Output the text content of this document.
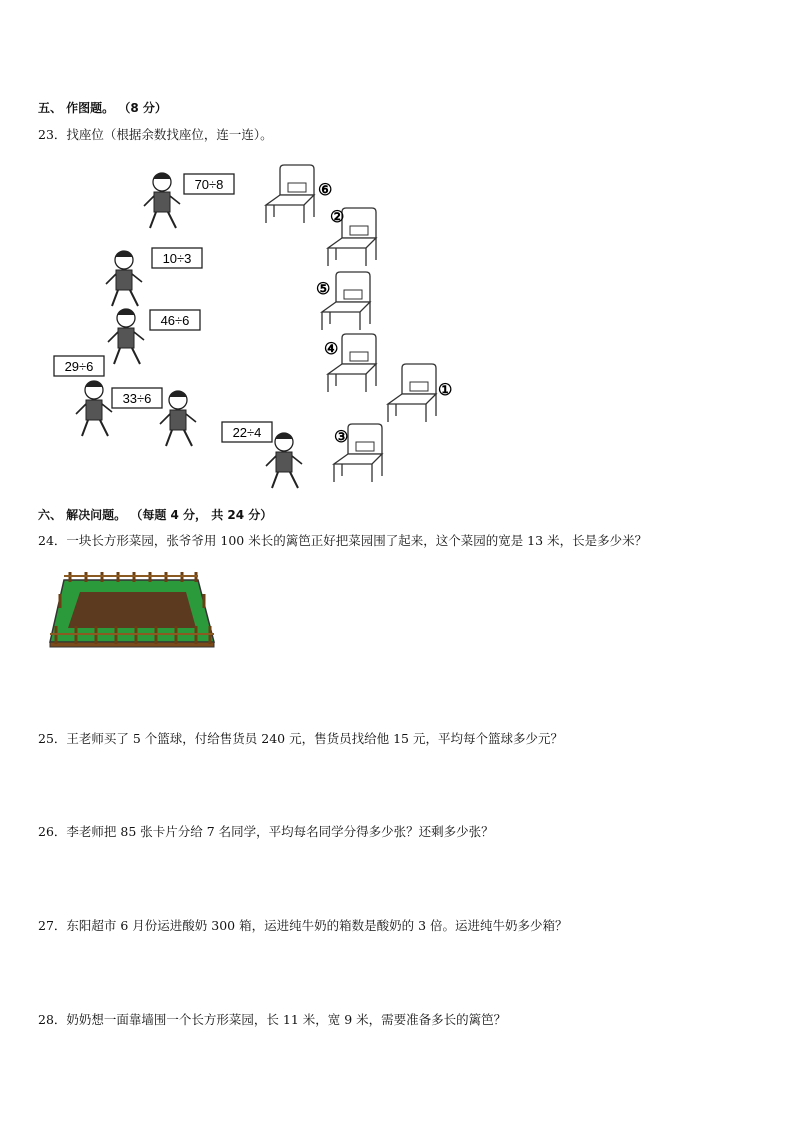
五、 作图题。 （8 分）
23．找座位（根据余数找座位，连一连）。
70÷8
10÷3
46÷6
29÷6
33÷6
22÷4
⑥
②
⑤
④
①
③
六、 解决问题。 （每题 4 分， 共 24 分）
24．一块长方形菜园，张爷爷用 100 米长的篱笆正好把菜园围了起来，这个菜园的宽是 13 米，长是多少米？
25．王老师买了 5 个篮球，付给售货员 240 元，售货员找给他 15 元，平均每个篮球多少元？
26．李老师把 85 张卡片分给 7 名同学，平均每名同学分得多少张？还剩多少张？
27．东阳超市 6 月份运进酸奶 300 箱，运进纯牛奶的箱数是酸奶的 3 倍。运进纯牛奶多少箱？
28．奶奶想一面靠墙围一个长方形菜园，长 11 米，宽 9 米，需要准备多长的篱笆？
